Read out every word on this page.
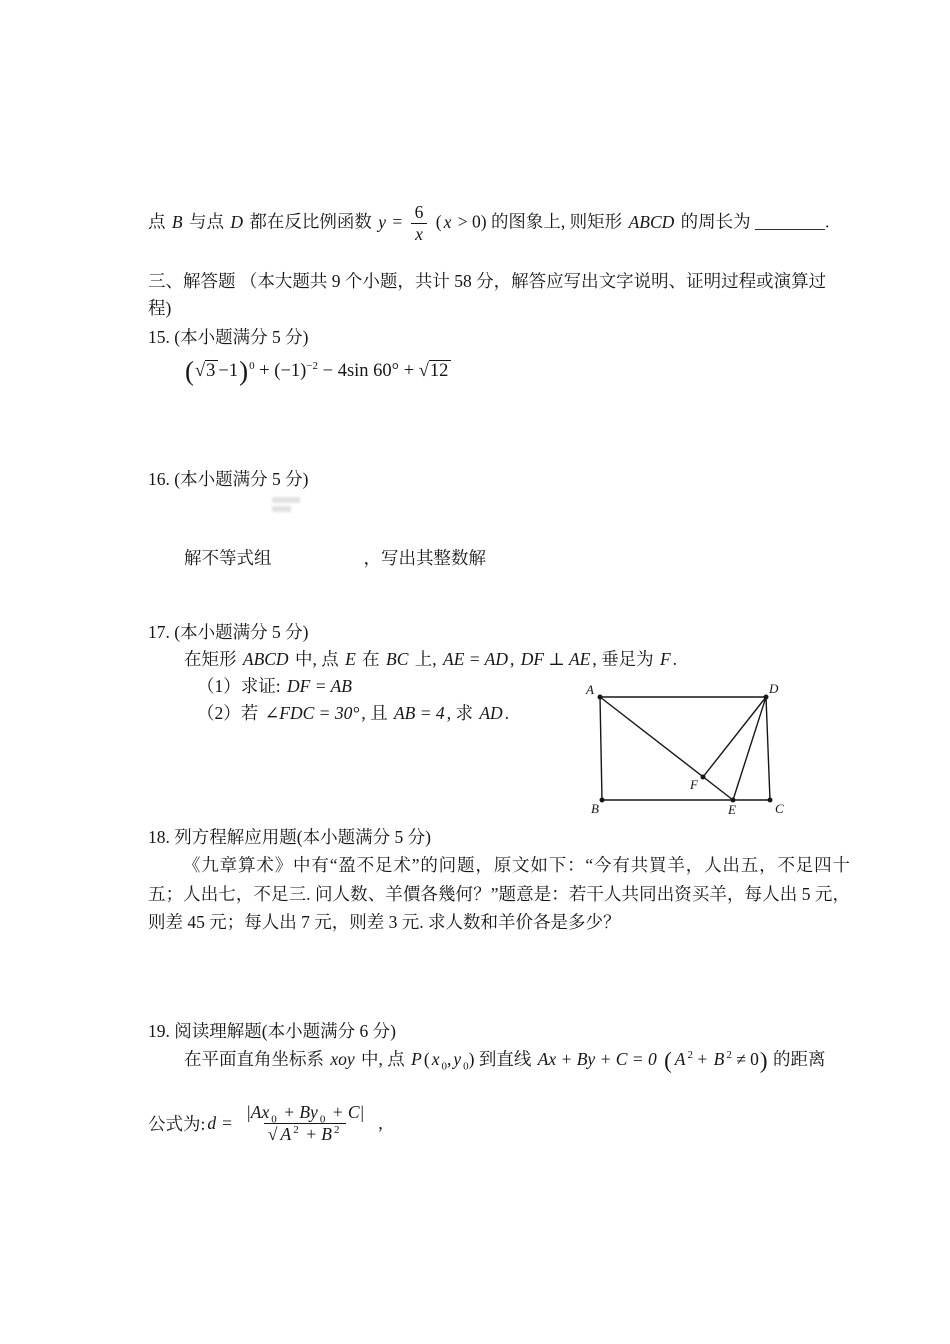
点 B 与点 D 都在反比例函数 $y = \frac{6}{x}$ ( x > 0) 的图象上, 则矩形 ABCD 的周长为 ________.
三、解答题 （本大题共 9 个小题，共计 58 分，解答应写出文字说明、证明过程或演算过程)
15. (本小题满分 5 分)
$(√3 -1)^0 + (-1)^{-2} - 4\sin$ 60° + √12
16. (本小题满分 5 分)
解不等式组	，写出其整数解
17. (本小题满分 5 分)
在矩形 ABCD 中, 点 E 在 BC 上, AE = AD , DF ⊥ AE , 垂足为 F .
（1）求证: DF = AB
（2）若 ∠FDC = 30° , 且 AB = 4 , 求 AD .
A	D
B	C
E
F
18. 列方程解应用题(本小题满分 5 分)
《九章算术》中有“盈不足术”的问题，原文如下：“今有共買羊，人出五，不足四十五；人出七，不足三. 问人数、羊價各幾何？”题意是：若干人共同出资买羊，每人出 5 元，则差 45 元；每人出 7 元，则差 3 元. 求人数和羊价各是多少？
19. 阅读理解题(本小题满分 6 分)
在平面直角坐标系 xoy 中, 点 P ( x $_0$, y $_0$) 到直线 Ax + By + C = 0 ( A $^2$ + B $^2$ ≠ 0) 的距离
公式为: $d = \frac{|Ax _0 + By _0 + C|}{√ A ^2 + B ^2}$ ,
